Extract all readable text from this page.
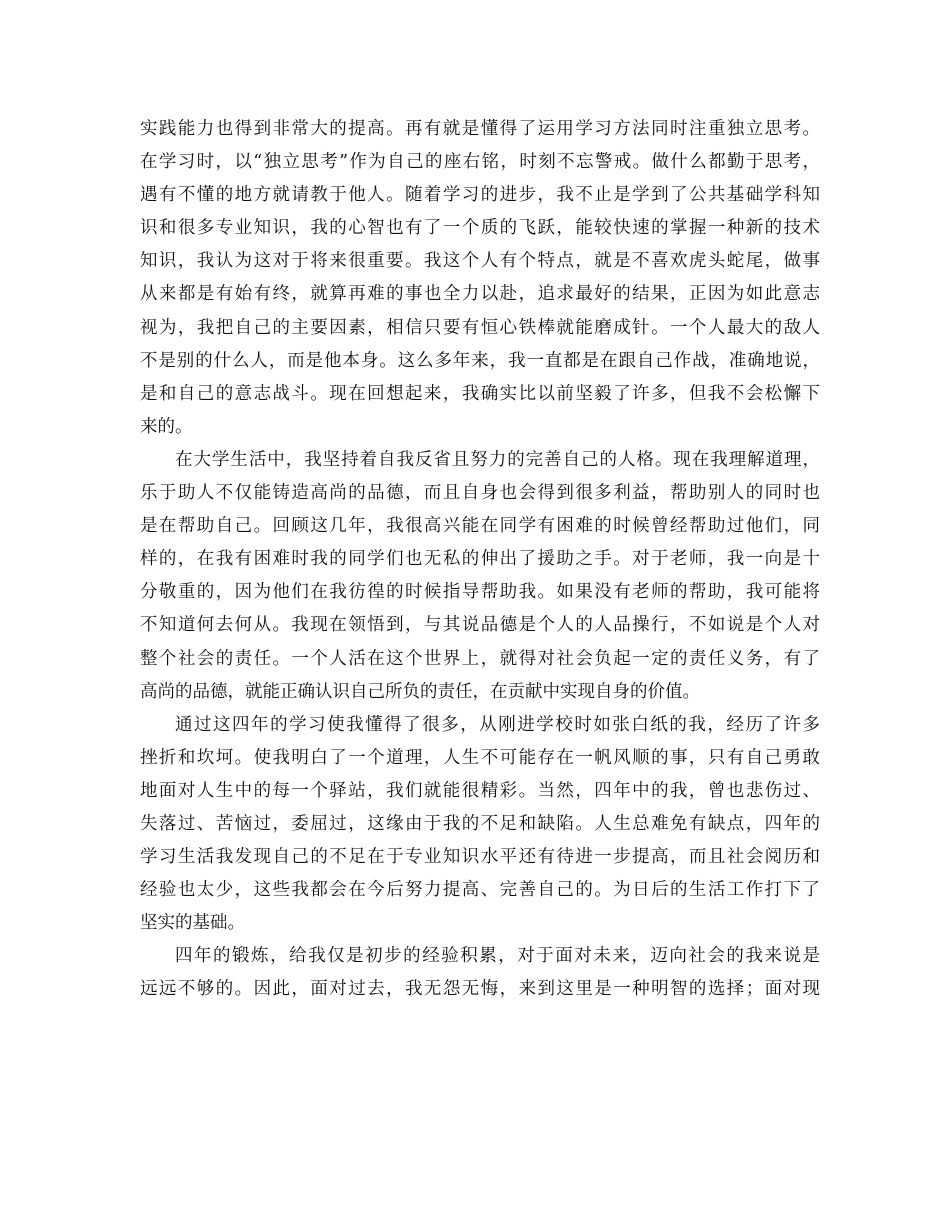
实践能力也得到非常大的提高。再有就是懂得了运用学习方法同时注重独立思考。
在学习时，以“独立思考”作为自己的座右铭，时刻不忘警戒。做什么都勤于思考，
遇有不懂的地方就请教于他人。随着学习的进步，我不止是学到了公共基础学科知
识和很多专业知识，我的心智也有了一个质的飞跃，能较快速的掌握一种新的技术
知识，我认为这对于将来很重要。我这个人有个特点，就是不喜欢虎头蛇尾，做事
从来都是有始有终，就算再难的事也全力以赴，追求最好的结果，正因为如此意志
视为，我把自己的主要因素，相信只要有恒心铁棒就能磨成针。一个人最大的敌人
不是别的什么人，而是他本身。这么多年来，我一直都是在跟自己作战，准确地说，
是和自己的意志战斗。现在回想起来，我确实比以前坚毅了许多，但我不会松懈下
来的。
在大学生活中，我坚持着自我反省且努力的完善自己的人格。现在我理解道理，
乐于助人不仅能铸造高尚的品德，而且自身也会得到很多利益，帮助别人的同时也
是在帮助自己。回顾这几年，我很高兴能在同学有困难的时候曾经帮助过他们，同
样的，在我有困难时我的同学们也无私的伸出了援助之手。对于老师，我一向是十
分敬重的，因为他们在我彷徨的时候指导帮助我。如果没有老师的帮助，我可能将
不知道何去何从。我现在领悟到，与其说品德是个人的人品操行，不如说是个人对
整个社会的责任。一个人活在这个世界上，就得对社会负起一定的责任义务，有了
高尚的品德，就能正确认识自己所负的责任，在贡献中实现自身的价值。
通过这四年的学习使我懂得了很多，从刚进学校时如张白纸的我，经历了许多
挫折和坎坷。使我明白了一个道理，人生不可能存在一帆风顺的事，只有自己勇敢
地面对人生中的每一个驿站，我们就能很精彩。当然，四年中的我，曾也悲伤过、
失落过、苦恼过，委屈过，这缘由于我的不足和缺陷。人生总难免有缺点，四年的
学习生活我发现自己的不足在于专业知识水平还有待进一步提高，而且社会阅历和
经验也太少，这些我都会在今后努力提高、完善自己的。为日后的生活工作打下了
坚实的基础。
四年的锻炼，给我仅是初步的经验积累，对于面对未来，迈向社会的我来说是
远远不够的。因此，面对过去，我无怨无悔，来到这里是一种明智的选择；面对现
